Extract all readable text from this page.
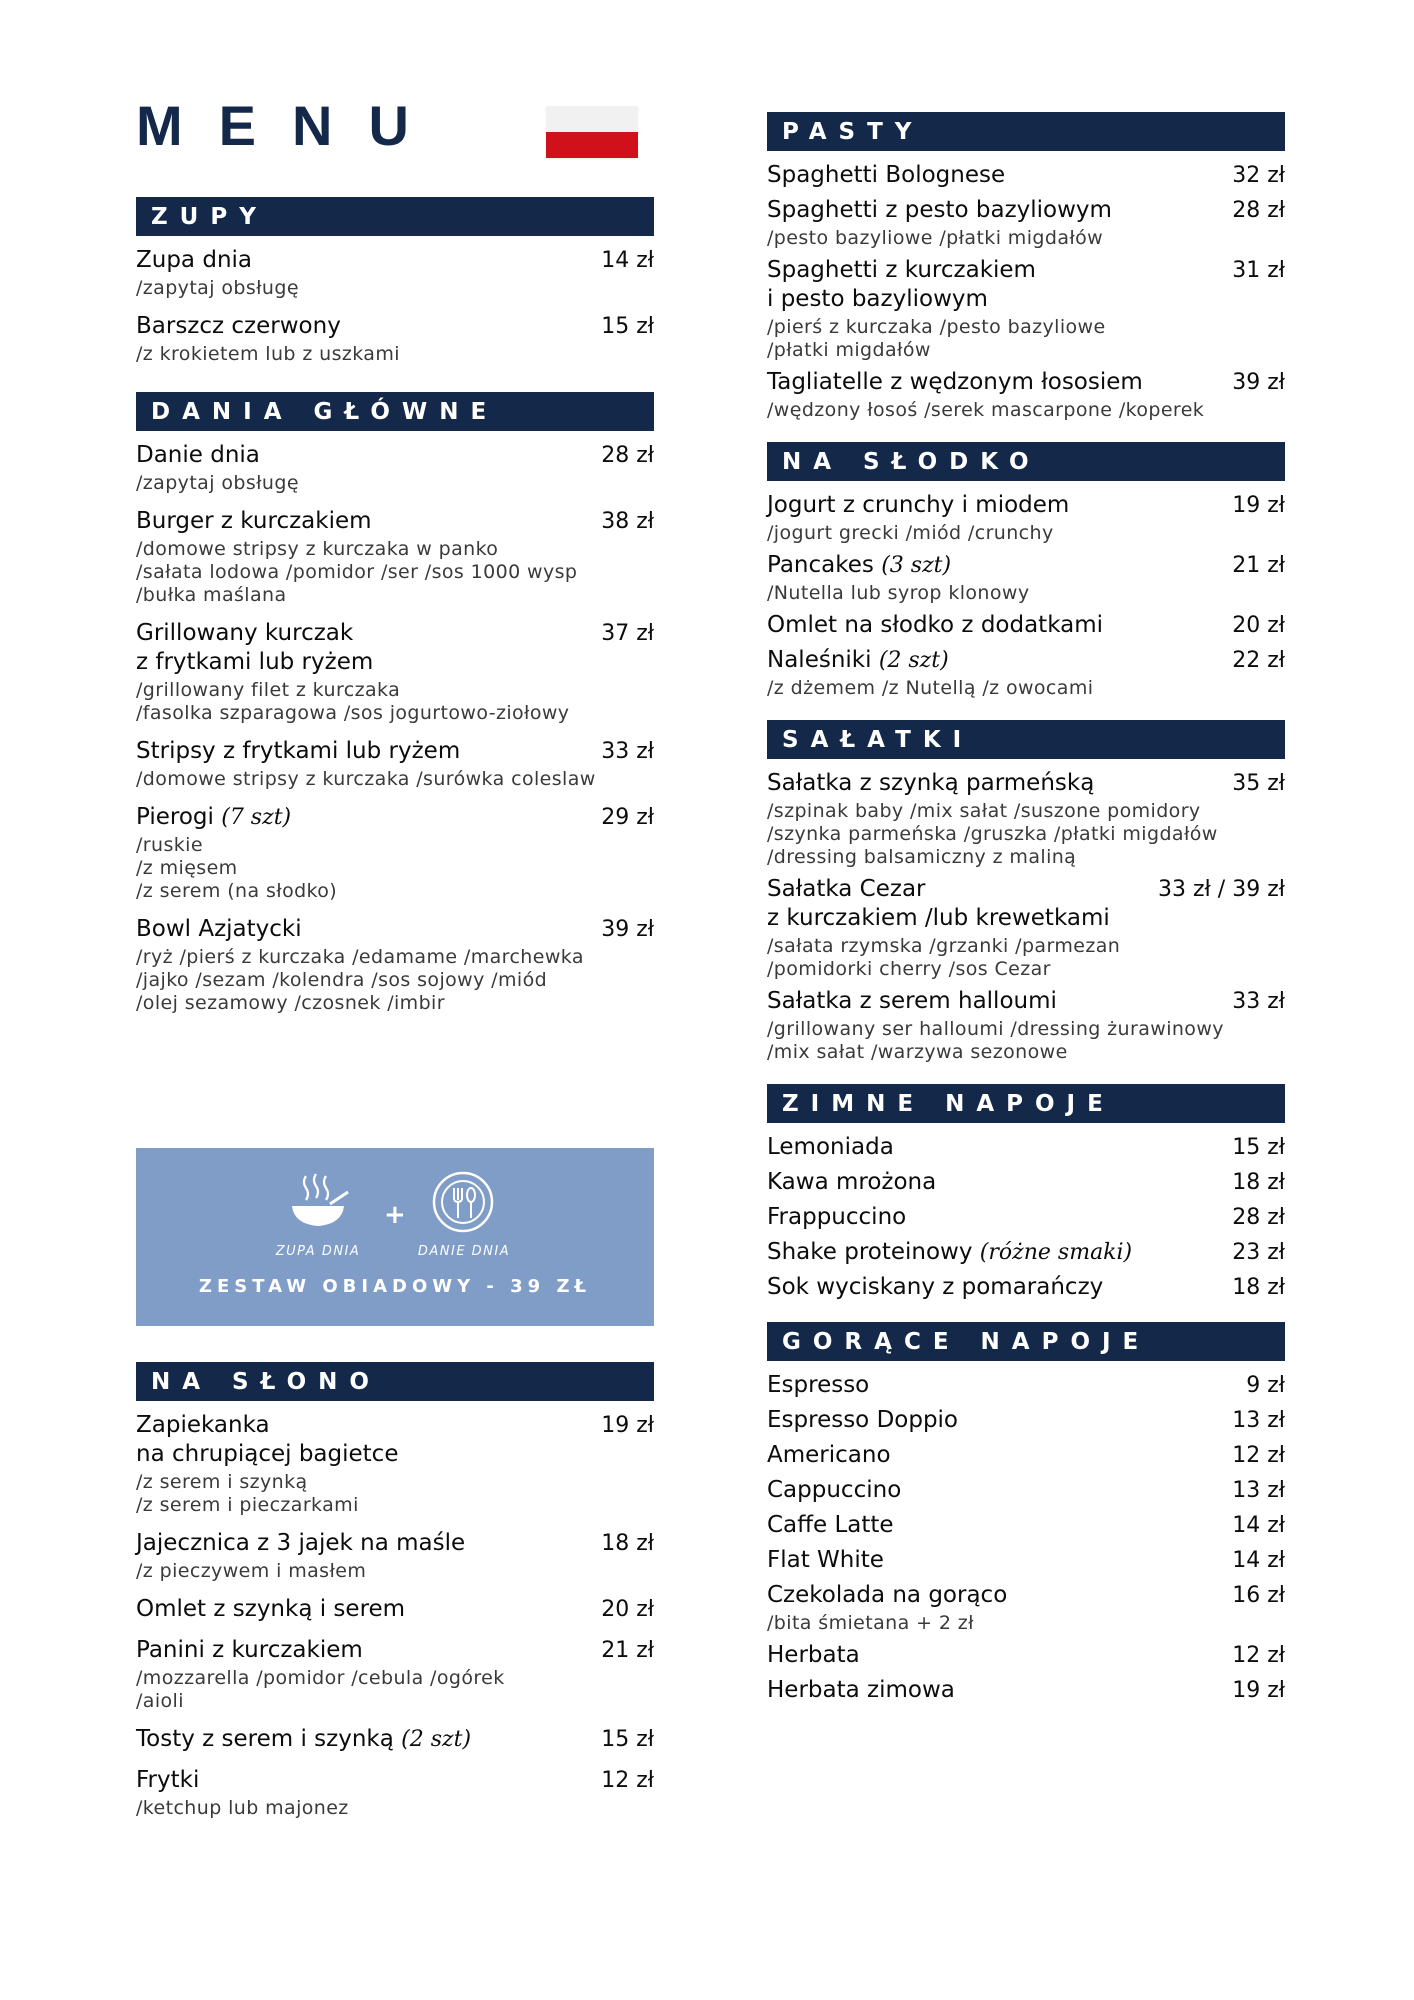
MENU
ZUPY
Zupa dnia	14 zł
/zapytaj obsługę
Barszcz czerwony	15 zł
/z krokietem lub z uszkami
DANIA GŁÓWNE
Danie dnia	28 zł
/zapytaj obsługę
Burger z kurczakiem	38 zł
/domowe stripsy z kurczaka w panko
/sałata lodowa /pomidor /ser /sos 1000 wysp
/bułka maślana
Grillowany kurczak
z frytkami lub ryżem
37 zł
/grillowany filet z kurczaka
/fasolka szparagowa /sos jogurtowo-ziołowy
Stripsy z frytkami lub ryżem	33 zł
/domowe stripsy z kurczaka /surówka coleslaw
Pierogi (7 szt)	29 zł
/ruskie
/z mięsem
/z serem (na słodko)
Bowl Azjatycki	39 zł
/ryż /pierś z kurczaka /edamame /marchewka
/jajko /sezam /kolendra /sos sojowy /miód
/olej sezamowy /czosnek /imbir
+
ZUPA DNIA	DANIE DNIA
ZESTAW OBIADOWY - 39 ZŁ
NA SŁONO
Zapiekanka
na chrupiącej bagietce
19 zł
/z serem i szynką
/z serem i pieczarkami
Jajecznica z 3 jajek na maśle	18 zł
/z pieczywem i masłem
Omlet z szynką i serem	20 zł
Panini z kurczakiem	21 zł
/mozzarella /pomidor /cebula /ogórek
/aioli
Tosty z serem i szynką (2 szt)	15 zł
Frytki	12 zł
/ketchup lub majonez
PASTY
Spaghetti Bolognese	32 zł
Spaghetti z pesto bazyliowym	28 zł
/pesto bazyliowe /płatki migdałów
Spaghetti z kurczakiem
i pesto bazyliowym
31 zł
/pierś z kurczaka /pesto bazyliowe
/płatki migdałów
Tagliatelle z wędzonym łososiem	39 zł
/wędzony łosoś /serek mascarpone /koperek
NA SŁODKO
Jogurt z crunchy i miodem	19 zł
/jogurt grecki /miód /crunchy
Pancakes (3 szt)	21 zł
/Nutella lub syrop klonowy
Omlet na słodko z dodatkami	20 zł
Naleśniki (2 szt)	22 zł
/z dżemem /z Nutellą /z owocami
SAŁATKI
Sałatka z szynką parmeńską	35 zł
/szpinak baby /mix sałat /suszone pomidory
/szynka parmeńska /gruszka /płatki migdałów
/dressing balsamiczny z maliną
Sałatka Cezar
z kurczakiem /lub krewetkami
33 zł / 39 zł
/sałata rzymska /grzanki /parmezan
/pomidorki cherry /sos Cezar
Sałatka z serem halloumi	33 zł
/grillowany ser halloumi /dressing żurawinowy
/mix sałat /warzywa sezonowe
ZIMNE NAPOJE
Lemoniada	15 zł
Kawa mrożona	18 zł
Frappuccino	28 zł
Shake proteinowy (różne smaki)	23 zł
Sok wyciskany z pomarańczy	18 zł
GORĄCE NAPOJE
Espresso	9 zł
Espresso Doppio	13 zł
Americano	12 zł
Cappuccino	13 zł
Caffe Latte	14 zł
Flat White	14 zł
Czekolada na gorąco	16 zł
/bita śmietana + 2 zł
Herbata	12 zł
Herbata zimowa	19 zł
